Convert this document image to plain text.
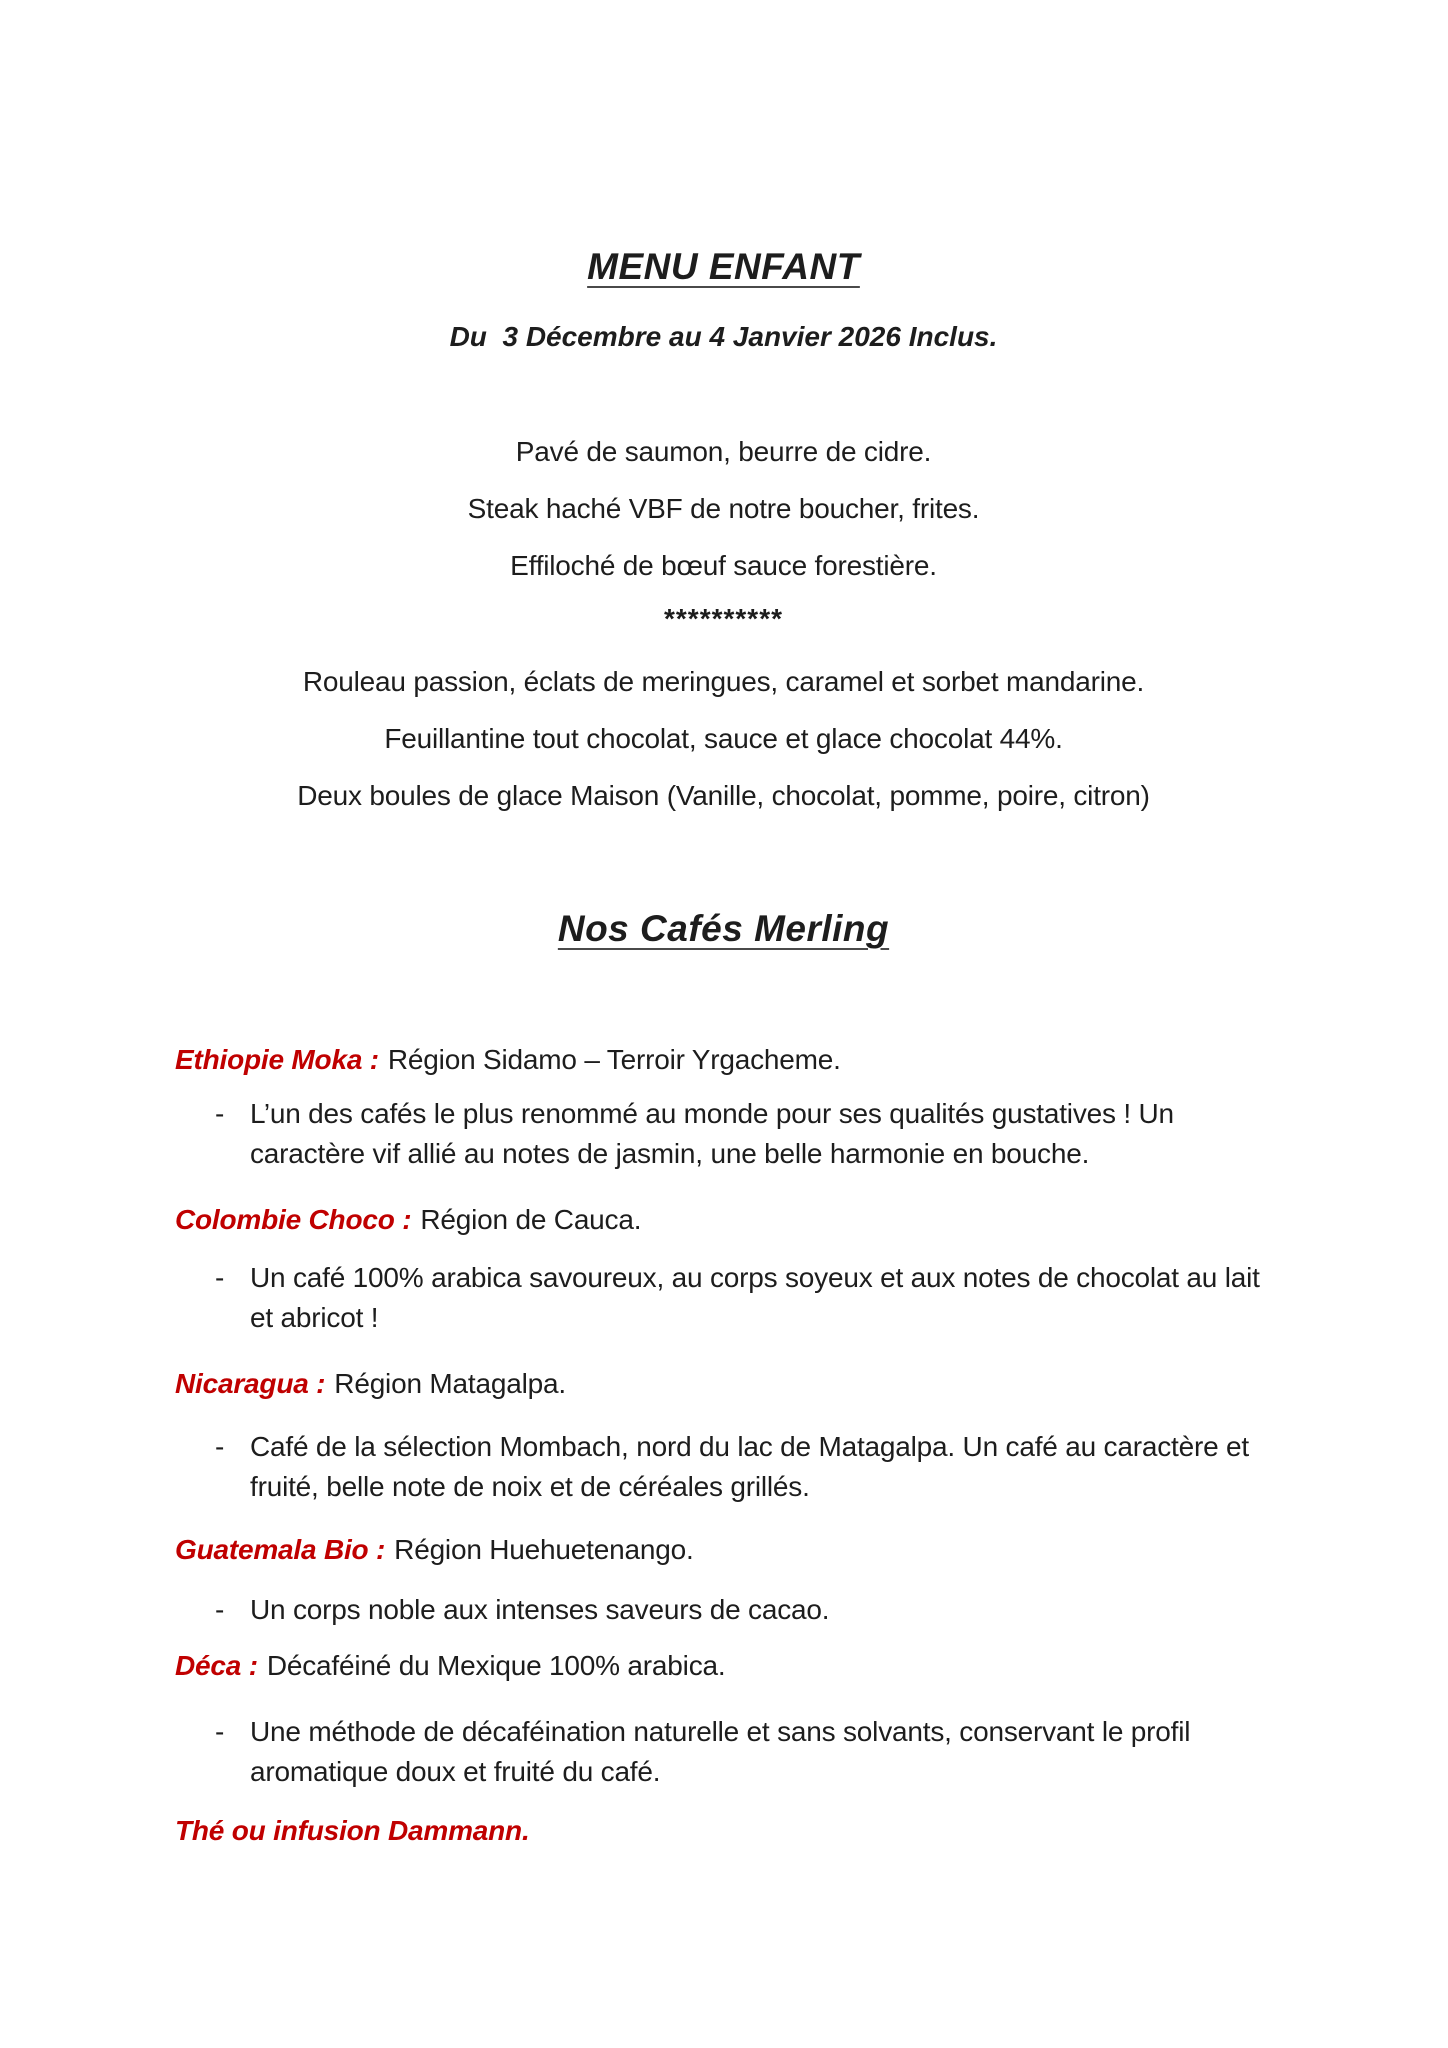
MENU ENFANT

Du  3 Décembre au 4 Janvier 2026 Inclus.

Pavé de saumon, beurre de cidre.

Steak haché VBF de notre boucher, frites.

Effiloché de bœuf sauce forestière.

**********

Rouleau passion, éclats de meringues, caramel et sorbet mandarine.

Feuillantine tout chocolat, sauce et glace chocolat 44%.

Deux boules de glace Maison (Vanille, chocolat, pomme, poire, citron)

Nos Cafés Merling

Ethiopie Moka : Région Sidamo – Terroir Yrgacheme.

- L’un des cafés le plus renommé au monde pour ses qualités gustatives ! Un caractère vif allié au notes de jasmin, une belle harmonie en bouche.

Colombie Choco : Région de Cauca.

- Un café 100% arabica savoureux, au corps soyeux et aux notes de chocolat au lait et abricot !

Nicaragua : Région Matagalpa.

- Café de la sélection Mombach, nord du lac de Matagalpa. Un café au caractère et fruité, belle note de noix et de céréales grillés.

Guatemala Bio : Région Huehuetenango.

- Un corps noble aux intenses saveurs de cacao.

Déca : Décaféiné du Mexique 100% arabica.

- Une méthode de décaféination naturelle et sans solvants, conservant le profil aromatique doux et fruité du café.

Thé ou infusion Dammann.
